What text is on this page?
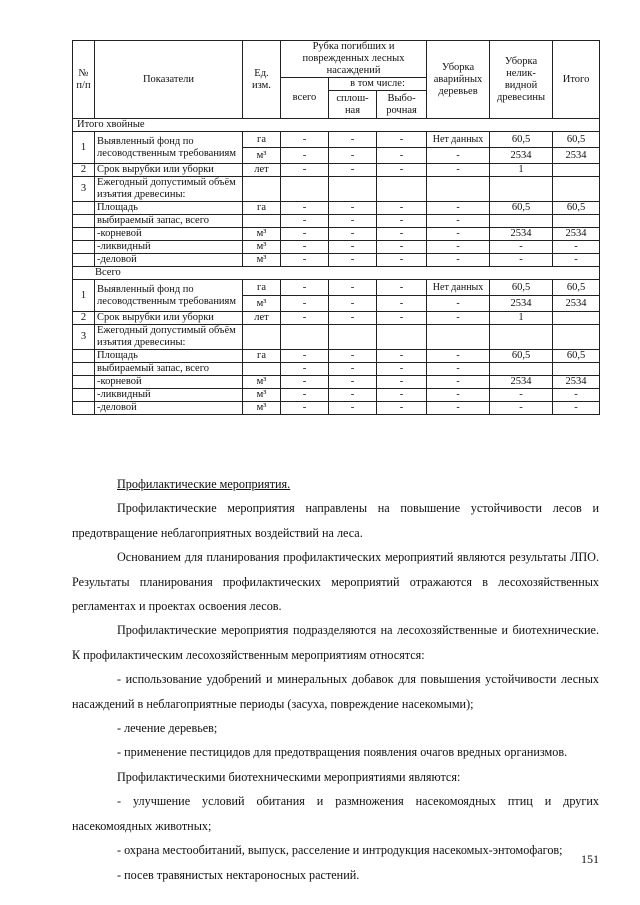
№ п/п	Показатели	Ед. изм.	Рубка погибших и поврежденных лесных насаждений			Уборка аварийных деревьев	Уборка нелик-видной древесины	Итого
			всего	в том числе:				
				сплош-ная	Выбо-рочная			
Итого хвойные								
1	Выявленный фонд по лесоводственным требованиям	га	-	-	-	Нет данных	60,5	60,5
		м³	-	-	-	-	2534	2534
2	Срок вырубки или уборки	лет	-	-	-	-	1	
3	Ежегодный допустимый объём изъятия древесины:							
	Площадь	га	-	-	-	-	60,5	60,5
	выбираемый запас, всего		-	-	-	-		
	-корневой	м³	-	-	-	-	2534	2534
	-ликвидный	м³	-	-	-	-	-	-
	-деловой	м³	-	-	-	-	-	-
Всего								
1	Выявленный фонд по лесоводственным требованиям	га	-	-	-	Нет данных	60,5	60,5
		м³	-	-	-	-	2534	2534
2	Срок вырубки или уборки	лет	-	-	-	-	1	
3	Ежегодный допустимый объём изъятия древесины:							
	Площадь	га	-	-	-	-	60,5	60,5
	выбираемый запас, всего		-	-	-	-		
	-корневой	м³	-	-	-	-	2534	2534
	-ликвидный	м³	-	-	-	-	-	-
	-деловой	м³	-	-	-	-	-	-

Профилактические мероприятия.

Профилактические мероприятия направлены на повышение устойчивости лесов и предотвращение неблагоприятных воздействий на леса.

Основанием для планирования профилактических мероприятий являются результаты ЛПО. Результаты планирования профилактических мероприятий отражаются в лесохозяйственных регламентах и проектах освоения лесов.

Профилактические мероприятия подразделяются на лесохозяйственные и биотехнические. К профилактическим лесохозяйственным мероприятиям относятся:

- использование удобрений и минеральных добавок для повышения устойчивости лесных насаждений в неблагоприятные периоды (засуха, повреждение насекомыми);

- лечение деревьев;

- применение пестицидов для предотвращения появления очагов вредных организмов.

Профилактическими биотехническими мероприятиями являются:

- улучшение условий обитания и размножения насекомоядных птиц и других насекомоядных животных;

- охрана местообитаний, выпуск, расселение и интродукция насекомых-энтомофагов;

- посев травянистых нектароносных растений.

151
